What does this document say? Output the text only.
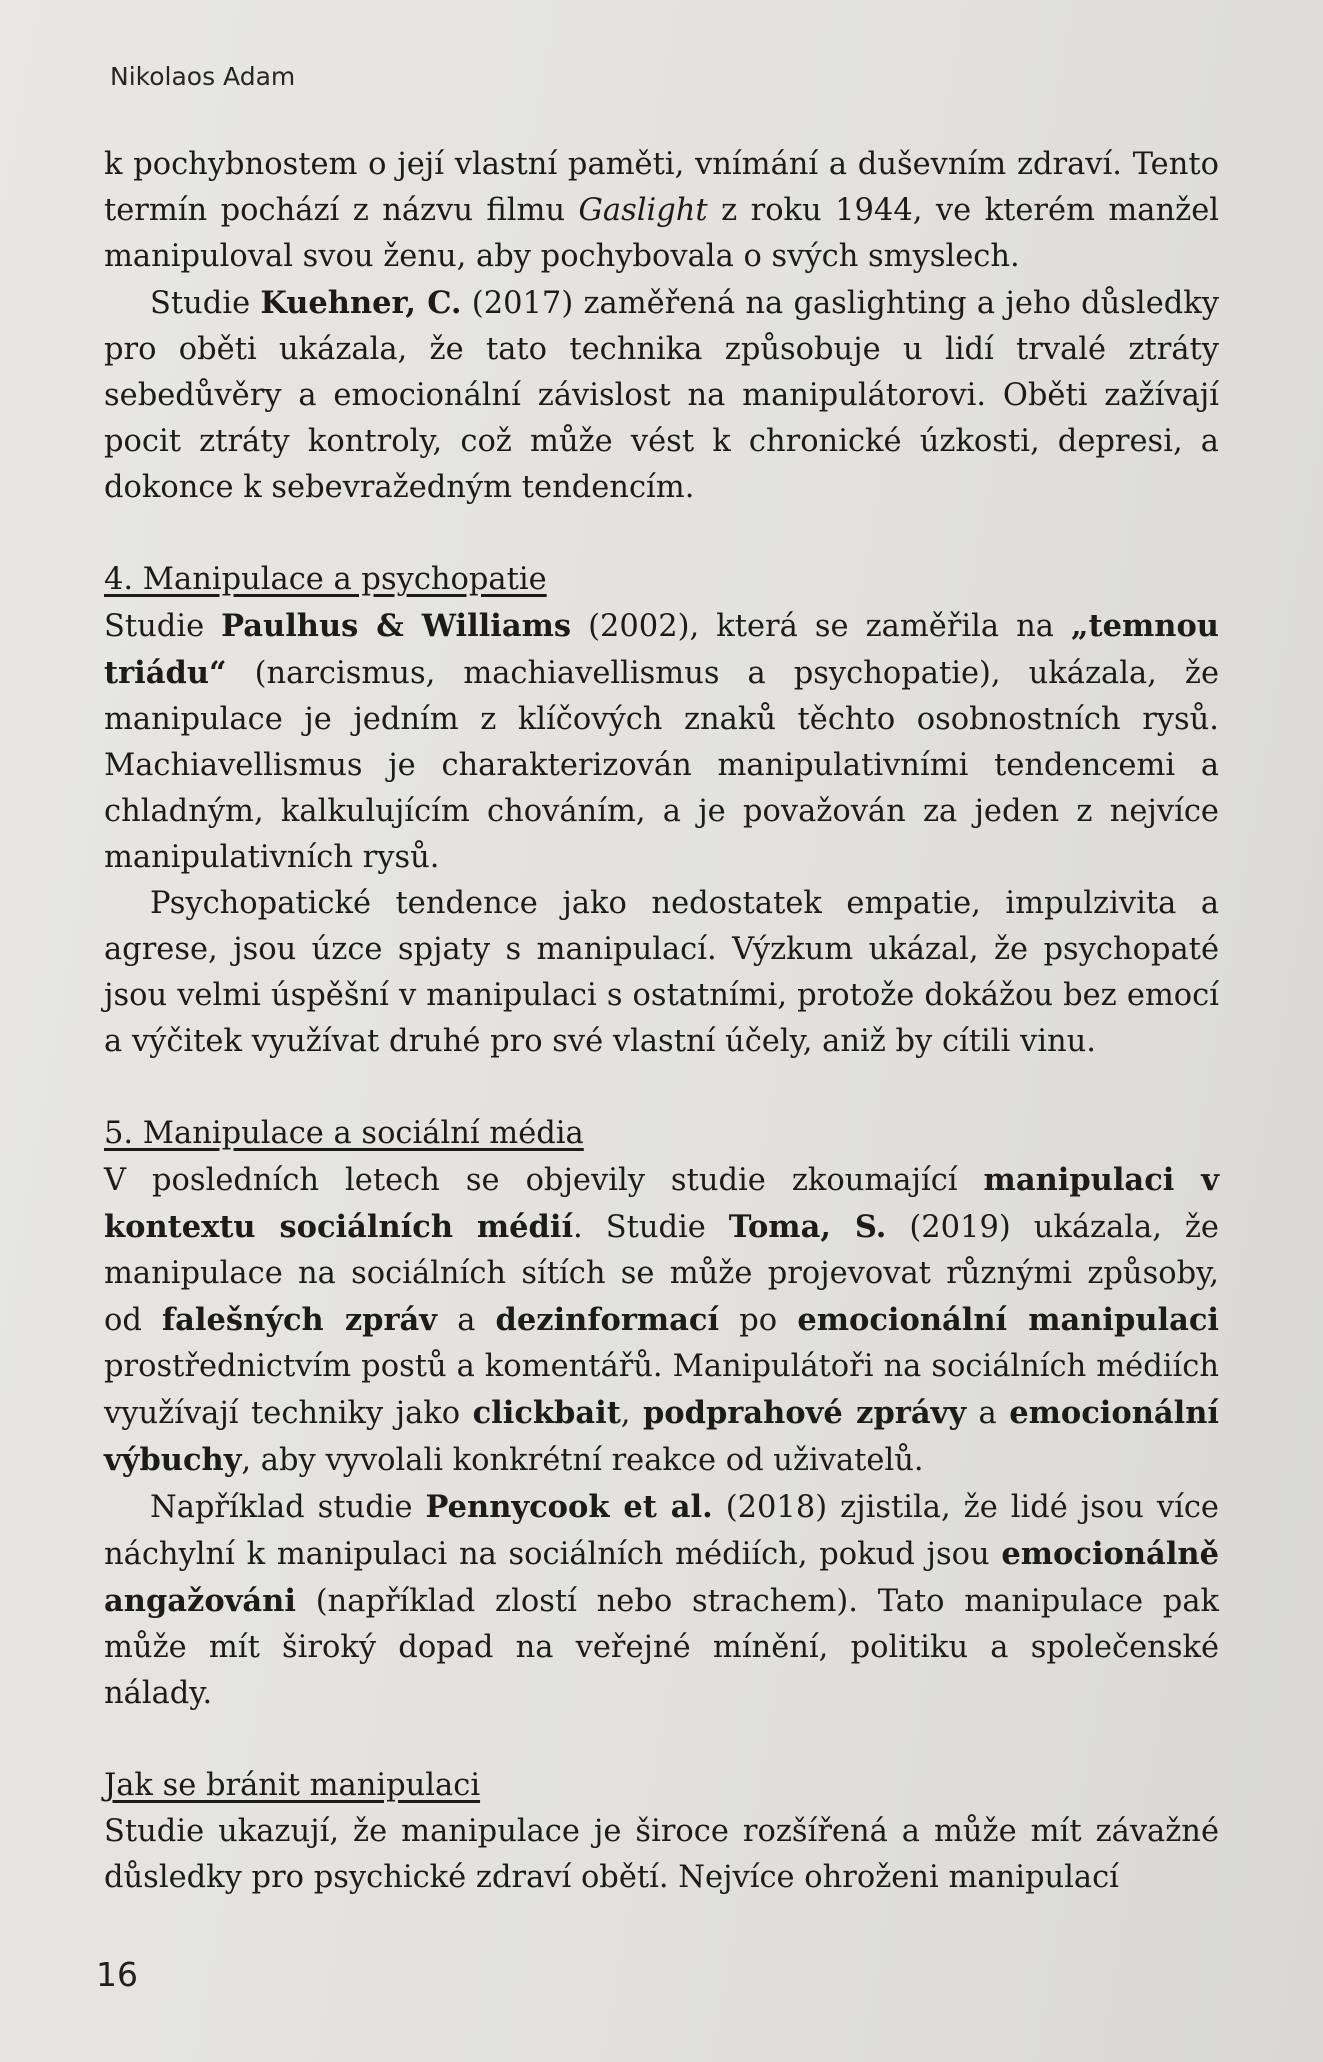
Nikolaos Adam

k pochybnostem o její vlastní paměti, vnímání a duševním zdraví. Tento termín pochází z názvu filmu Gaslight z roku 1944, ve kterém manžel manipuloval svou ženu, aby pochybovala o svých smyslech.

Studie Kuehner, C. (2017) zaměřená na gaslighting a jeho důsledky pro oběti ukázala, že tato technika způsobuje u lidí trvalé ztráty sebedůvěry a emocionální závislost na manipulátorovi. Oběti zažívají pocit ztráty kontroly, což může vést k chronické úzkosti, depresi, a dokonce k sebevražedným tendencím.

4. Manipulace a psychopatie

Studie Paulhus & Williams (2002), která se zaměřila na „temnou triádu“ (narcismus, machiavellismus a psychopatie), ukázala, že manipulace je jedním z klíčových znaků těchto osobnostních rysů. Machiavellismus je charakterizován manipulativními tendencemi a chladným, kalkulujícím chováním, a je považován za jeden z nejvíce manipulativních rysů.

Psychopatické tendence jako nedostatek empatie, impulzivita a agrese, jsou úzce spjaty s manipulací. Výzkum ukázal, že psychopaté jsou velmi úspěšní v manipulaci s ostatními, protože dokážou bez emocí a výčitek využívat druhé pro své vlastní účely, aniž by cítili vinu.

5. Manipulace a sociální média

V posledních letech se objevily studie zkoumající manipulaci v kontextu sociálních médií. Studie Toma, S. (2019) ukázala, že manipulace na sociálních sítích se může projevovat různými způsoby, od falešných zpráv a dezinformací po emocionální manipulaci prostřednictvím postů a komentářů. Manipulátoři na sociálních médiích využívají techniky jako clickbait, podprahové zprávy a emocionální výbuchy, aby vyvolali konkrétní reakce od uživatelů.

Například studie Pennycook et al. (2018) zjistila, že lidé jsou více náchylní k manipulaci na sociálních médiích, pokud jsou emocionálně angažováni (například zlostí nebo strachem). Tato manipulace pak může mít široký dopad na veřejné mínění, politiku a společenské nálady.

Jak se bránit manipulaci

Studie ukazují, že manipulace je široce rozšířená a může mít závažné důsledky pro psychické zdraví obětí. Nejvíce ohroženi manipulací

16
